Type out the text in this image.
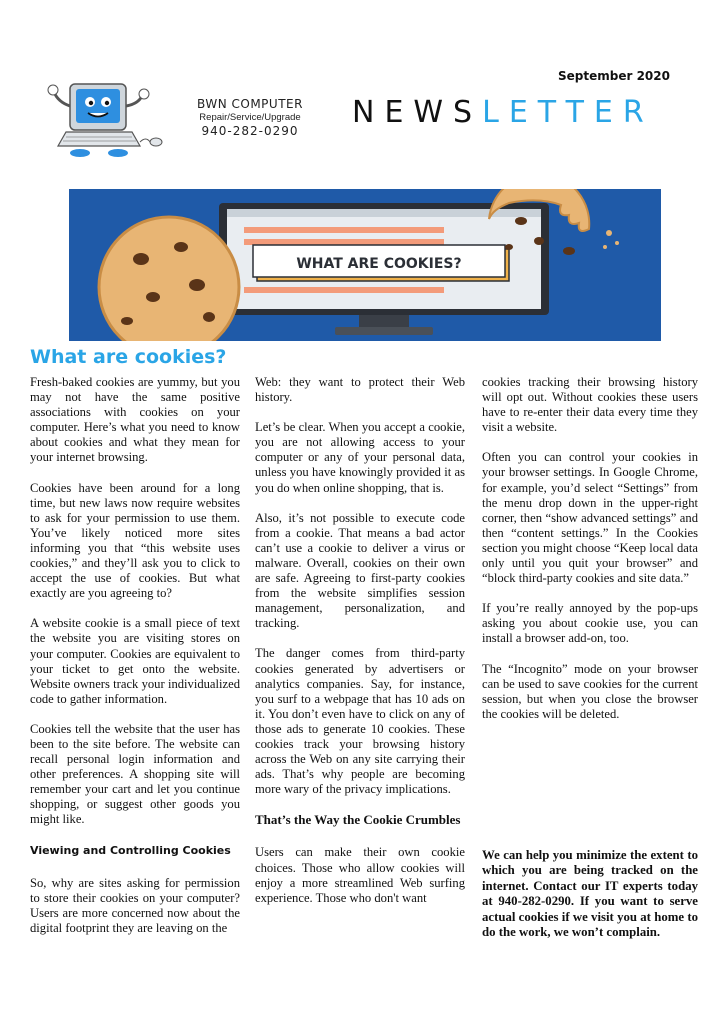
September 2020
BWN COMPUTER
Repair/Service/Upgrade
940-282-0290
NEWSLETTER
WHAT ARE COOKIES?
What are cookies?

Fresh-baked cookies are yummy, but you may not have the same positive associations with cookies on your computer. Here’s what you need to know about cookies and what they mean for your internet browsing.

Cookies have been around for a long time, but new laws now require websites to ask for your permission to use them. You’ve likely noticed more sites informing you that “this website uses cookies,” and they’ll ask you to click to accept the use of cookies. But what exactly are you agreeing to?

A website cookie is a small piece of text the website you are visiting stores on your computer. Cookies are equivalent to your ticket to get onto the website. Website owners track your individualized code to gather information.

Cookies tell the website that the user has been to the site before. The website can recall personal login information and other preferences. A shopping site will remember your cart and let you continue shopping, or suggest other goods you might like.

Viewing and Controlling Cookies

So, why are sites asking for permission to store their cookies on your computer? Users are more concerned now about the digital footprint they are leaving on the

Web: they want to protect their Web history.

Let’s be clear. When you accept a cookie, you are not allowing access to your computer or any of your personal data, unless you have knowingly provided it as you do when online shopping, that is.

Also, it’s not possible to execute code from a cookie. That means a bad actor can’t use a cookie to deliver a virus or malware. Overall, cookies on their own are safe. Agreeing to first-party cookies from the website simplifies session management, personalization, and tracking.

The danger comes from third-party cookies generated by advertisers or analytics companies. Say, for instance, you surf to a webpage that has 10 ads on it. You don’t even have to click on any of those ads to generate 10 cookies. These cookies track your browsing history across the Web on any site carrying their ads. That’s why people are becoming more wary of the privacy implications.

That’s the Way the Cookie Crumbles

Users can make their own cookie choices. Those who allow cookies will enjoy a more streamlined Web surfing experience. Those who don't want

cookies tracking their browsing history will opt out. Without cookies these users have to re-enter their data every time they visit a website.

Often you can control your cookies in your browser settings. In Google Chrome, for example, you’d select “Settings” from the menu drop down in the upper-right corner, then “show advanced settings” and then “content settings.” In the Cookies section you might choose “Keep local data only until you quit your browser” and “block third-party cookies and site data.”

If you’re really annoyed by the pop-ups asking you about cookie use, you can install a browser add-on, too.

The “Incognito” mode on your browser can be used to save cookies for the current session, but when you close the browser the cookies will be deleted.

We can help you minimize the extent to which you are being tracked on the internet. Contact our IT experts today at 940-282-0290. If you want to serve actual cookies if we visit you at home to do the work, we won’t complain.
